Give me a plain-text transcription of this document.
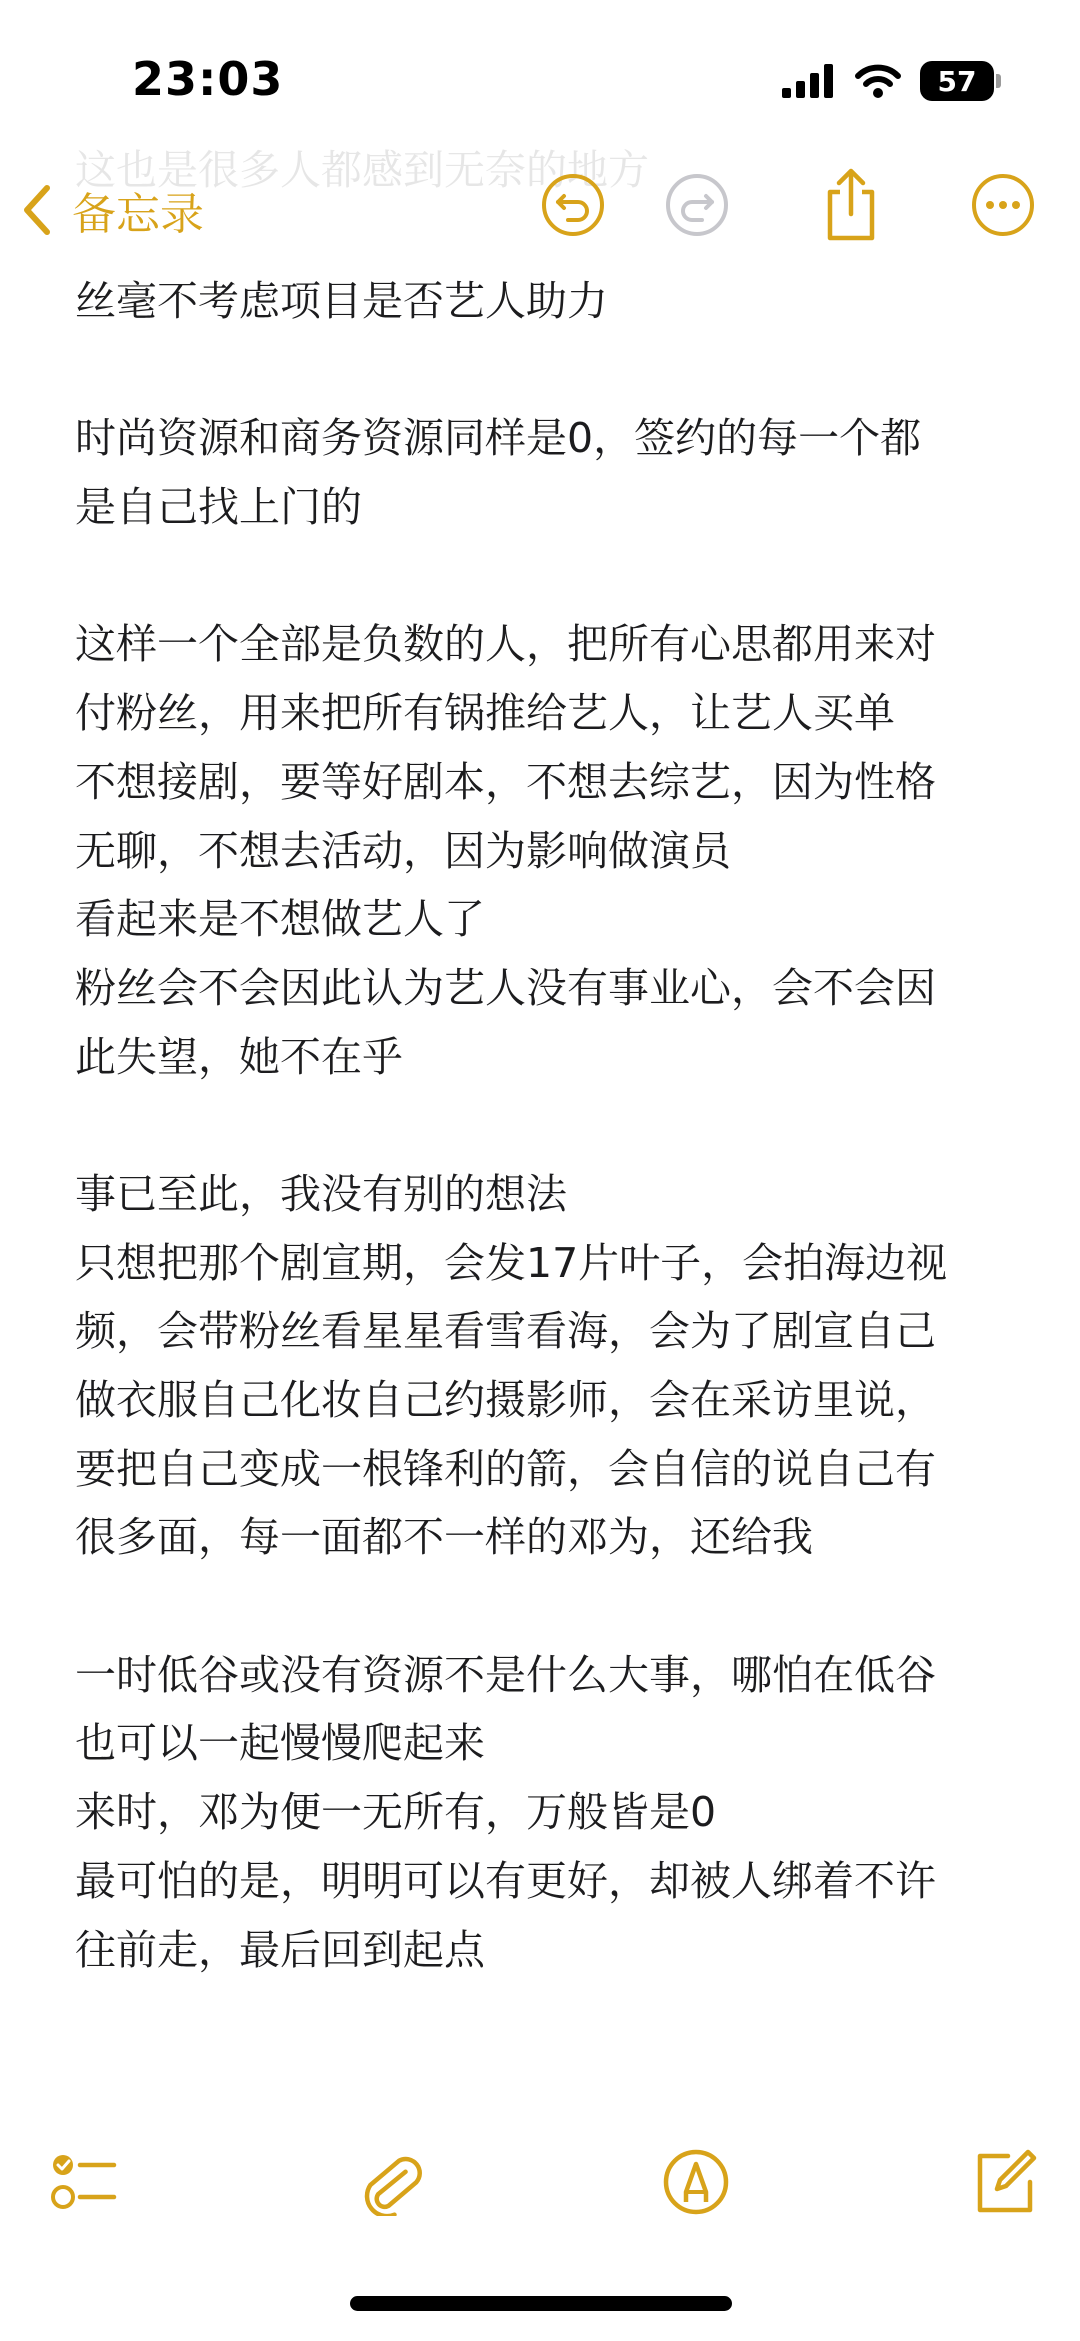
这也是很多人都感到无奈的地方

23:03	57
备忘录
丝毫不考虑项目是否艺人助力
时尚资源和商务资源同样是0，签约的每一个都
是自己找上门的
这样一个全部是负数的人，把所有心思都用来对
付粉丝，用来把所有锅推给艺人，让艺人买单
不想接剧，要等好剧本，不想去综艺，因为性格
无聊，不想去活动，因为影响做演员
看起来是不想做艺人了
粉丝会不会因此认为艺人没有事业心，会不会因
此失望，她不在乎
事已至此，我没有别的想法
只想把那个剧宣期，会发17片叶子，会拍海边视
频，会带粉丝看星星看雪看海，会为了剧宣自己
做衣服自己化妆自己约摄影师，会在采访里说，
要把自己变成一根锋利的箭，会自信的说自己有
很多面，每一面都不一样的邓为，还给我
一时低谷或没有资源不是什么大事，哪怕在低谷
也可以一起慢慢爬起来
来时，邓为便一无所有，万般皆是0
最可怕的是，明明可以有更好，却被人绑着不许
往前走，最后回到起点
